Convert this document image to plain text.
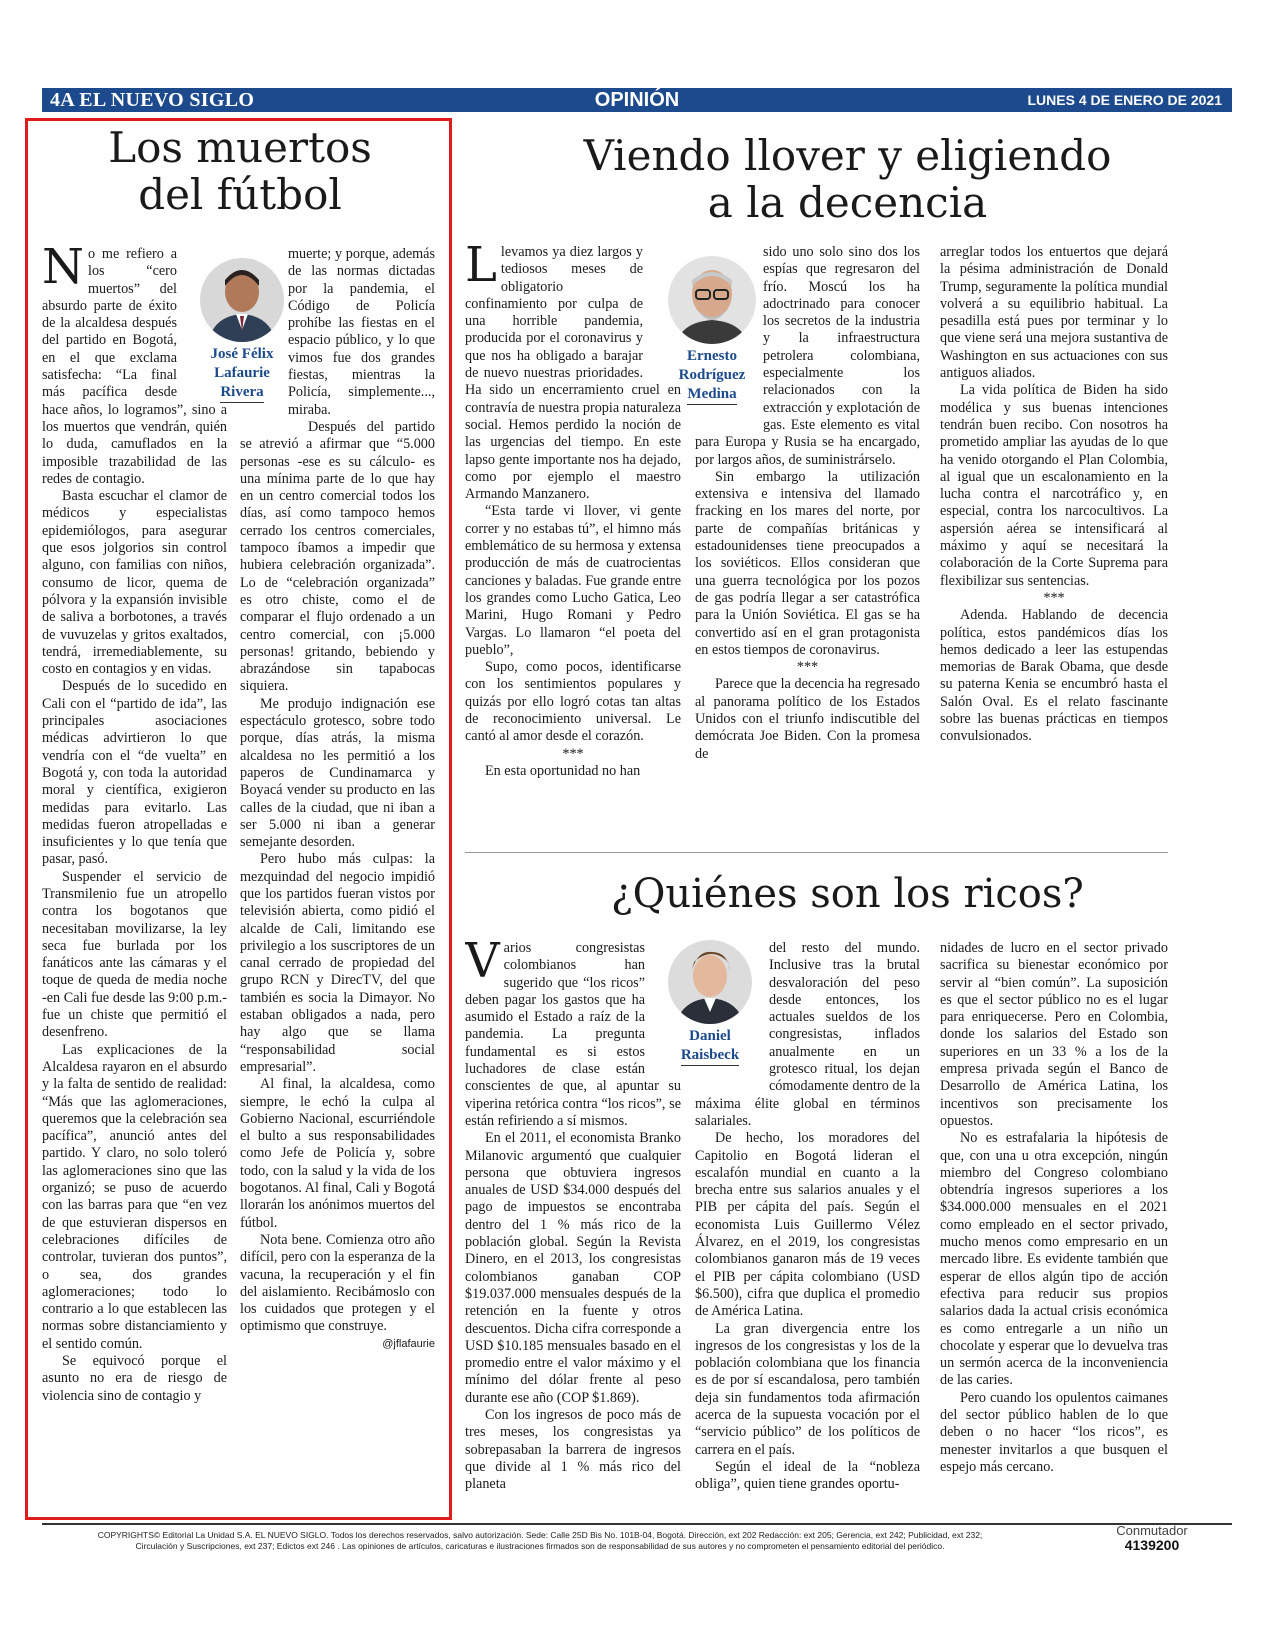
4A EL NUEVO SIGLO	OPINIÓN	LUNES 4 DE ENERO DE 2021
Los muertos
del fútbol
José Félix
Lafaurie
Rivera
N o me refiero a los “cero muertos” del absurdo parte de éxito de la alcaldesa después del partido en Bogotá, en el que exclama satisfecha: “La final más pacífica desde hace años, lo logramos”, sino a los muertos que vendrán, quién lo duda, camuflados en la imposible trazabilidad de las redes de contagio.

Basta escuchar el clamor de médicos y especialistas epidemiólogos, para asegurar que esos jolgorios sin control alguno, con familias con niños, consumo de licor, quema de pólvora y la expansión invisible de saliva a borbotones, a través de vuvuzelas y gritos exaltados, tendrá, irremediablemente, su costo en contagios y en vidas.

Después de lo sucedido en Cali con el “partido de ida”, las principales asociaciones médicas advirtieron lo que vendría con el “de vuelta” en Bogotá y, con toda la autoridad moral y científica, exigieron medidas para evitarlo. Las medidas fueron atropelladas e insuficientes y lo que tenía que pasar, pasó.

Suspender el servicio de Transmilenio fue un atropello contra los bogotanos que necesitaban movilizarse, la ley seca fue burlada por los fanáticos ante las cámaras y el toque de queda de media noche -en Cali fue desde las 9:00 p.m.- fue un chiste que permitió el desenfreno.

Las explicaciones de la Alcaldesa rayaron en el absurdo y la falta de sentido de realidad: “Más que las aglomeraciones, queremos que la celebración sea pacífica”, anunció antes del partido. Y claro, no solo toleró las aglomeraciones sino que las organizó; se puso de acuerdo con las barras para que “en vez de que estuvieran dispersos en celebraciones difíciles de controlar, tuvieran dos puntos”, o sea, dos grandes aglomeraciones; todo lo contrario a lo que establecen las normas sobre distanciamiento y el sentido común.

Se equivocó porque el asunto no era de riesgo de violencia sino de contagio y

muerte; y porque, además de las normas dictadas por la pandemia, el Código de Policía prohíbe las fiestas en el espacio público, y lo que vimos fue dos grandes fiestas, mientras la Policía, simplemente..., miraba.

Después del partido se atrevió a afirmar que “5.000 personas -ese es su cálculo- es una mínima parte de lo que hay en un centro comercial todos los días, así como tampoco hemos cerrado los centros comerciales, tampoco íbamos a impedir que hubiera celebración organizada”. Lo de “celebración organizada” es otro chiste, como el de comparar el flujo ordenado a un centro comercial, con ¡5.000 personas! gritando, bebiendo y abrazándose sin tapabocas siquiera.

Me produjo indignación ese espectáculo grotesco, sobre todo porque, días atrás, la misma alcaldesa no les permitió a los paperos de Cundinamarca y Boyacá vender su producto en las calles de la ciudad, que ni iban a ser 5.000 ni iban a generar semejante desorden.

Pero hubo más culpas: la mezquindad del negocio impidió que los partidos fueran vistos por televisión abierta, como pidió el alcalde de Cali, limitando ese privilegio a los suscriptores de un canal cerrado de propiedad del grupo RCN y DirecTV, del que también es socia la Dimayor. No estaban obligados a nada, pero hay algo que se llama “responsabilidad social empresarial”.

Al final, la alcaldesa, como siempre, le echó la culpa al Gobierno Nacional, escurriéndole el bulto a sus responsabilidades como Jefe de Policía y, sobre todo, con la salud y la vida de los bogotanos. Al final, Cali y Bogotá llorarán los anónimos muertos del fútbol.

Nota bene. Comienza otro año difícil, pero con la esperanza de la vacuna, la recuperación y el fin del aislamiento. Recibámoslo con los cuidados que protegen y el optimismo que construye.

@jflafaurie

Viendo llover y eligiendo
a la decencia
Ernesto
Rodríguez
Medina
L levamos ya diez largos y tediosos meses de obligatorio confinamiento por culpa de una horrible pandemia, producida por el coronavirus y que nos ha obligado a barajar de nuevo nuestras prioridades. Ha sido un encerramiento cruel en contravía de nuestra propia naturaleza social. Hemos perdido la noción de las urgencias del tiempo. En este lapso gente importante nos ha dejado, como por ejemplo el maestro Armando Manzanero.

“Esta tarde vi llover, vi gente correr y no estabas tú”, el himno más emblemático de su hermosa y extensa producción de más de cuatrocientas canciones y baladas. Fue grande entre los grandes como Lucho Gatica, Leo Marini, Hugo Romani y Pedro Vargas. Lo llamaron “el poeta del pueblo”,

Supo, como pocos, identificarse con los sentimientos populares y quizás por ello logró cotas tan altas de reconocimiento universal. Le cantó al amor desde el corazón.

***

En esta oportunidad no han

sido uno solo sino dos los espías que regresaron del frío. Moscú los ha adoctrinado para conocer los secretos de la industria y la infraestructura petrolera colombiana, especialmente los relacionados con la extracción y explotación de gas. Este elemento es vital para Europa y Rusia se ha encargado, por largos años, de suministrárselo.

Sin embargo la utilización extensiva e intensiva del llamado fracking en los mares del norte, por parte de compañías británicas y estadounidenses tiene preocupados a los soviéticos. Ellos consideran que una guerra tecnológica por los pozos de gas podría llegar a ser catastrófica para la Unión Soviética. El gas se ha convertido así en el gran protagonista en estos tiempos de coronavirus.

***

Parece que la decencia ha regresado al panorama político de los Estados Unidos con el triunfo indiscutible del demócrata Joe Biden. Con la promesa de

arreglar todos los entuertos que dejará la pésima administración de Donald Trump, seguramente la política mundial volverá a su equilibrio habitual. La pesadilla está pues por terminar y lo que viene será una mejora sustantiva de Washington en sus actuaciones con sus antiguos aliados.

La vida política de Biden ha sido modélica y sus buenas intenciones tendrán buen recibo. Con nosotros ha prometido ampliar las ayudas de lo que ha venido otorgando el Plan Colombia, al igual que un escalonamiento en la lucha contra el narcotráfico y, en especial, contra los narcocultivos. La aspersión aérea se intensificará al máximo y aquí se necesitará la colaboración de la Corte Suprema para flexibilizar sus sentencias.

***

Adenda. Hablando de decencia política, estos pandémicos días los hemos dedicado a leer las estupendas memorias de Barak Obama, que desde su paterna Kenia se encumbró hasta el Salón Oval. Es el relato fascinante sobre las buenas prácticas en tiempos convulsionados.

¿Quiénes son los ricos?
Daniel
Raisbeck
V arios congresistas colombianos han sugerido que “los ricos” deben pagar los gastos que ha asumido el Estado a raíz de la pandemia. La pregunta fundamental es si estos luchadores de clase están conscientes de que, al apuntar su viperina retórica contra “los ricos”, se están refiriendo a sí mismos.

En el 2011, el economista Branko Milanovic argumentó que cualquier persona que obtuviera ingresos anuales de USD $34.000 después del pago de impuestos se encontraba dentro del 1 % más rico de la población global. Según la Revista Dinero, en el 2013, los congresistas colombianos ganaban COP $19.037.000 mensuales después de la retención en la fuente y otros descuentos. Dicha cifra corresponde a USD $10.185 mensuales basado en el promedio entre el valor máximo y el mínimo del dólar frente al peso durante ese año (COP $1.869).

Con los ingresos de poco más de tres meses, los congresistas ya sobrepasaban la barrera de ingresos que divide al 1 % más rico del planeta

del resto del mundo. Inclusive tras la brutal desvaloración del peso desde entonces, los actuales sueldos de los congresistas, inflados anualmente en un grotesco ritual, los dejan cómodamente dentro de la máxima élite global en términos salariales.

De hecho, los moradores del Capitolio en Bogotá lideran el escalafón mundial en cuanto a la brecha entre sus salarios anuales y el PIB per cápita del país. Según el economista Luis Guillermo Vélez Álvarez, en el 2019, los congresistas colombianos ganaron más de 19 veces el PIB per cápita colombiano (USD $6.500), cifra que duplica el promedio de América Latina.

La gran divergencia entre los ingresos de los congresistas y los de la población colombiana que los financia es de por sí escandalosa, pero también deja sin fundamentos toda afirmación acerca de la supuesta vocación por el “servicio público” de los políticos de carrera en el país.

Según el ideal de la “nobleza obliga”, quien tiene grandes oportu-

nidades de lucro en el sector privado sacrifica su bienestar económico por servir al “bien común”. La suposición es que el sector público no es el lugar para enriquecerse. Pero en Colombia, donde los salarios del Estado son superiores en un 33 % a los de la empresa privada según el Banco de Desarrollo de América Latina, los incentivos son precisamente los opuestos.

No es estrafalaria la hipótesis de que, con una u otra excepción, ningún miembro del Congreso colombiano obtendría ingresos superiores a los $34.000.000 mensuales en el 2021 como empleado en el sector privado, mucho menos como empresario en un mercado libre. Es evidente también que esperar de ellos algún tipo de acción efectiva para reducir sus propios salarios dada la actual crisis económica es como entregarle a un niño un chocolate y esperar que lo devuelva tras un sermón acerca de la inconveniencia de las caries.

Pero cuando los opulentos caimanes del sector público hablen de lo que deben o no hacer “los ricos”, es menester invitarlos a que busquen el espejo más cercano.

COPYRIGHTS© Editorial La Unidad S.A. EL NUEVO SIGLO. Todos los derechos reservados, salvo autorización. Sede: Calle 25D Bis No. 101B-04, Bogotá. Dirección, ext 202 Redacción: ext 205; Gerencia, ext 242; Publicidad, ext 232;
Circulación y Suscripciones, ext 237; Edictos ext 246 . Las opiniones de artículos, caricaturas e ilustraciones firmados son de responsabilidad de sus autores y no comprometen el pensamiento editorial del periódico.
Conmutador
4139200
